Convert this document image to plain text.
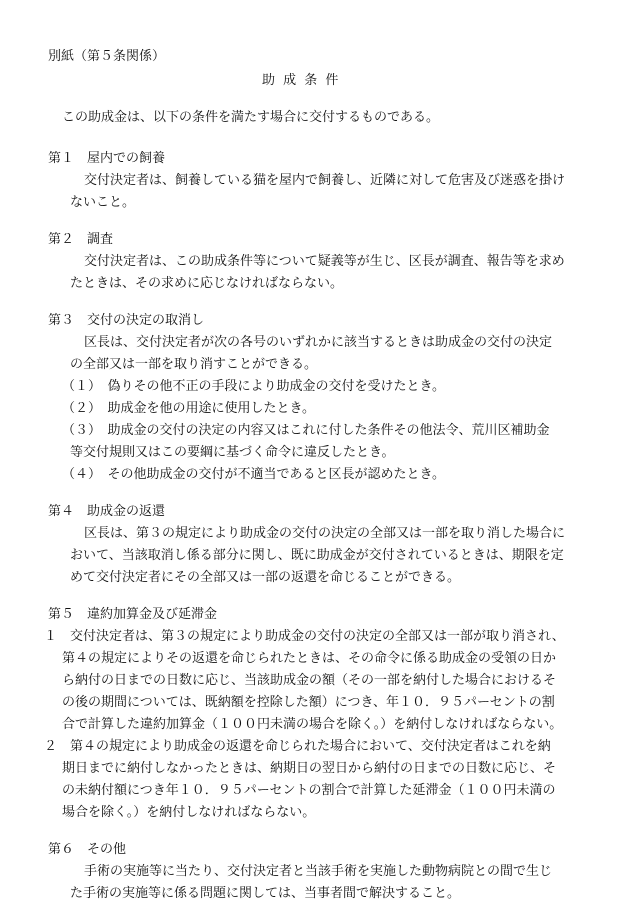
別紙（第５条関係）
助 成 条 件
この助成金は、以下の条件を満たす場合に交付するものである。
第１　屋内での飼養
交付決定者は、飼養している猫を屋内で飼養し、近隣に対して危害及び迷惑を掛け
ないこと。
第２　調査
交付決定者は、この助成条件等について疑義等が生じ、区長が調査、報告等を求め
たときは、その求めに応じなければならない。
第３　交付の決定の取消し
区長は、交付決定者が次の各号のいずれかに該当するときは助成金の交付の決定
の全部又は一部を取り消すことができる。
（１）　偽りその他不正の手段により助成金の交付を受けたとき。
（２）　助成金を他の用途に使用したとき。
（３）　助成金の交付の決定の内容又はこれに付した条件その他法令、荒川区補助金
等交付規則又はこの要綱に基づく命令に違反したとき。
（４）　その他助成金の交付が不適当であると区長が認めたとき。
第４　助成金の返還
区長は、第３の規定により助成金の交付の決定の全部又は一部を取り消した場合に
おいて、当該取消し係る部分に関し、既に助成金が交付されているときは、期限を定
めて交付決定者にその全部又は一部の返還を命じることができる。
第５　違約加算金及び延滞金
１　交付決定者は、第３の規定により助成金の交付の決定の全部又は一部が取り消され、
第４の規定によりその返還を命じられたときは、その命令に係る助成金の受領の日か
ら納付の日までの日数に応じ、当該助成金の額（その一部を納付した場合におけるそ
の後の期間については、既納額を控除した額）につき、年１０．９５パーセントの割
合で計算した違約加算金（１００円未満の場合を除く。）を納付しなければならない。
２　第４の規定により助成金の返還を命じられた場合において、交付決定者はこれを納
期日までに納付しなかったときは、納期日の翌日から納付の日までの日数に応じ、そ
の未納付額につき年１０．９５パーセントの割合で計算した延滞金（１００円未満の
場合を除く。）を納付しなければならない。
第６　その他
手術の実施等に当たり、交付決定者と当該手術を実施した動物病院との間で生じ
た手術の実施等に係る問題に関しては、当事者間で解決すること。
